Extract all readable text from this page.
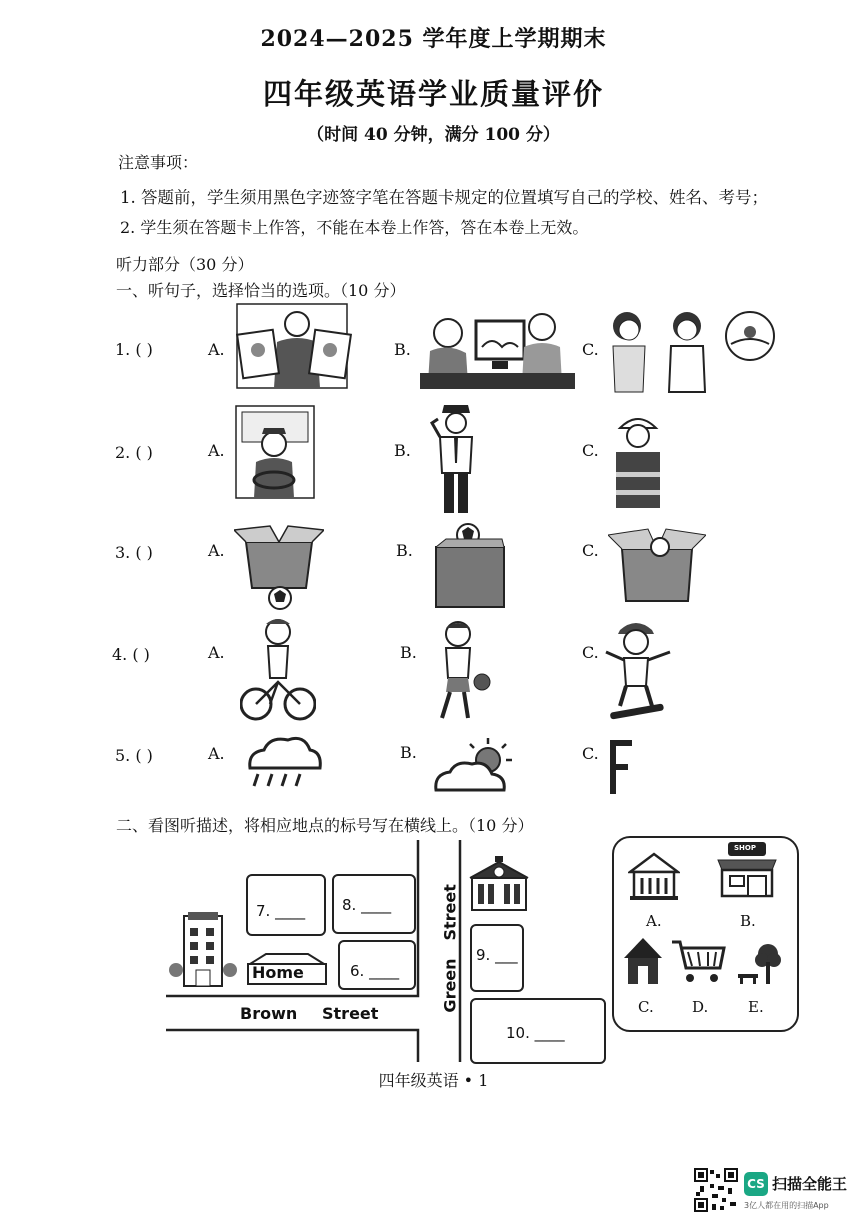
2024—2025 学年度上学期期末
四年级英语学业质量评价
（时间 40 分钟，满分 100 分）
注意事项：
1. 答题前，学生须用黑色字迹签字笔在答题卡规定的位置填写自己的学校、姓名、考号；
2. 学生须在答题卡上作答，不能在本卷上作答，答在本卷上无效。
听力部分（30 分）
一、听句子，选择恰当的选项。（10 分）
1. ( )	A.	B.	C.
2. ( )	A.	B.	C.
3. ( )	A.	B.	C.
4. ( )	A.	B.	C.
5. ( )	A.	B.	C.
二、看图听描述，将相应地点的标号写在横线上。（10 分）
Home
7. ____ 8. ____
6. ____
9. ___
10. ____
Brown Street
Street
Green
SHOP
A.	B.
C.	D.	E.
四年级英语 • 1
CS 扫描全能王
3亿人都在用的扫描App
